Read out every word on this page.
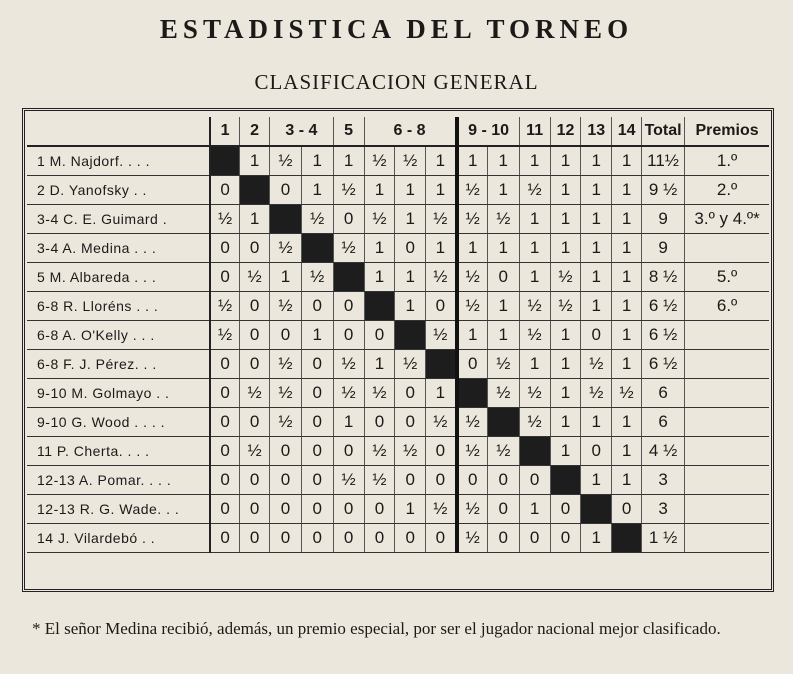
ESTADISTICA DEL TORNEO
CLASIFICACION GENERAL
	1	2	3 - 4		5	6 - 8			9 - 10		11	12	13	14	Total	Premios
1 M. Najdorf. . . .		1	½	1	1	½	½	1	1	1	1	1	1	1	11½	1.º
2 D. Yanofsky . .	0		0	1	½	1	1	1	½	1	½	1	1	1	9 ½	2.º
3-4 C. E. Guimard .	½	1		½	0	½	1	½	½	½	1	1	1	1	9	3.º y 4.º*
3-4 A. Medina . . .	0	0	½		½	1	0	1	1	1	1	1	1	1	9	
5 M. Albareda . . .	0	½	1	½		1	1	½	½	0	1	½	1	1	8 ½	5.º
6-8 R. Lloréns . . .	½	0	½	0	0		1	0	½	1	½	½	1	1	6 ½	6.º
6-8 A. O'Kelly . . .	½	0	0	1	0	0		½	1	1	½	1	0	1	6 ½	
6-8 F. J. Pérez. . .	0	0	½	0	½	1	½		0	½	1	1	½	1	6 ½	
9-10 M. Golmayo . .	0	½	½	0	½	½	0	1		½	½	1	½	½	6	
9-10 G. Wood . . . .	0	0	½	0	1	0	0	½	½		½	1	1	1	6	
11 P. Cherta. . . .	0	½	0	0	0	½	½	0	½	½		1	0	1	4 ½	
12-13 A. Pomar. . . .	0	0	0	0	½	½	0	0	0	0	0		1	1	3	
12-13 R. G. Wade. . .	0	0	0	0	0	0	1	½	½	0	1	0		0	3	
14 J. Vilardebó . .	0	0	0	0	0	0	0	0	½	0	0	0	1		1 ½	
* El señor Medina recibió, además, un premio especial, por ser el jugador nacional mejor clasificado.
